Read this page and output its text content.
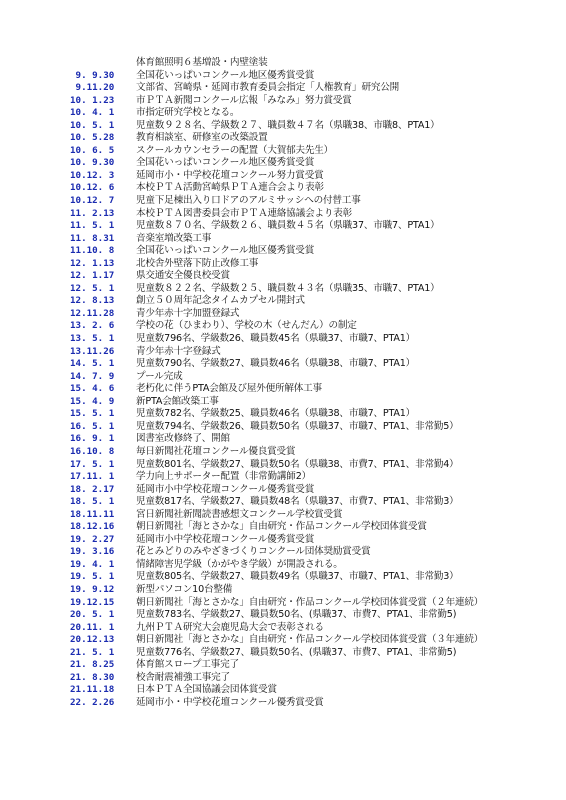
体育館照明６基増設・内壁塗装
9. 9.30	全国花いっぱいコンクール地区優秀賞受賞
9.11.20	文部省、宮崎県・延岡市教育委員会指定「人権教育」研究公開
10. 1.23	市ＰＴＡ新聞コンクール広報「みなみ」努力賞受賞
10. 4. 1	市指定研究学校となる。
10. 5. 1	児童数９２８名、学級数２７、職員数４７名（県職38、市職8、PTA1）
10. 5.28	教育相談室、研修室の改築設置
10. 6. 5	スクールカウンセラーの配置（大賀郁夫先生）
10. 9.30	全国花いっぱいコンクール地区優秀賞受賞
10.12. 3	延岡市小・中学校花壇コンクール努力賞受賞
10.12. 6	本校ＰＴＡ活動宮崎県ＰＴＡ連合会より表彰
10.12. 7	児童下足棟出入り口ドアのアルミサッシへの付替工事
11. 2.13	本校ＰＴＡ図書委員会市ＰＴＡ連絡協議会より表彰
11. 5. 1	児童数８７０名、学級数２６、職員数４５名（県職37、市職7、PTA1）
11. 8.31	音楽室増改築工事
11.10. 8	全国花いっぱいコンクール地区優秀賞受賞
12. 1.13	北校舎外壁落下防止改修工事
12. 1.17	県交通安全優良校受賞
12. 5. 1	児童数８２２名、学級数２５、職員数４３名（県職35、市職7、PTA1）
12. 8.13	創立５０周年記念タイムカプセル開封式
12.11.28	青少年赤十字加盟登録式
13. 2. 6	学校の花（ひまわり）、学校の木（せんだん）の制定
13. 5. 1	児童数796名、学級数26、職員数45名（県職37、市職7、PTA1）
13.11.26	青少年赤十字登録式
14. 5. 1	児童数790名、学級数27、職員数46名（県職38、市職7、PTA1）
14. 7. 9	プール完成
15. 4. 6	老朽化に伴うPTA会館及び屋外便所解体工事
15. 4. 9	新PTA会館改築工事
15. 5. 1	児童数782名、学級数25、職員数46名（県職38、市職7、PTA1）
16. 5. 1	児童数794名、学級数26、職員数50名（県職37、市職7、PTA1、非常勤5）
16. 9. 1	図書室改修終了、開館
16.10. 8	毎日新聞社花壇コンクール優良賞受賞
17. 5. 1	児童数801名、学級数27、職員数50名（県職38、市費7、PTA1、非常勤4）
17.11. 1	学力向上サポーター配置（非常勤講師2）
18. 2.17	延岡市小中学校花壇コンクール優秀賞受賞
18. 5. 1	児童数817名、学級数27、職員数48名（県職37、市費7、PTA1、非常勤3）
18.11.11	宮日新聞社新聞読書感想文コンクール学校賞受賞
18.12.16	朝日新聞社「海とさかな」自由研究・作品コンクール学校団体賞受賞
19. 2.27	延岡市小中学校花壇コンクール優秀賞受賞
19. 3.16	花とみどりのみやざきづくりコンクール団体奨励賞受賞
19. 4. 1	情緒障害児学級（かがやき学級）が開設される。
19. 5. 1	児童数805名、学級数27、職員数49名（県職37、市職7、PTA1、非常勤3）
19. 9.12	新型パソコン10台整備
19.12.15	朝日新聞社「海とさかな」自由研究・作品コンクール学校団体賞受賞（２年連続）
20. 5. 1	児童数783名、学級数27、職員数50名、(県職37、市費7、PTA1、非常勤5)
20.11. 1	九州ＰＴＡ研究大会鹿児島大会で表彰される
20.12.13	朝日新聞社「海とさかな」自由研究・作品コンクール学校団体賞受賞（３年連続）
21. 5. 1	児童数776名、学級数27、職員数50名、(県職37、市費7、PTA1、非常勤5)
21. 8.25	体育館スロープ工事完了
21. 8.30	校舎耐震補強工事完了
21.11.18	日本ＰＴＡ全国協議会団体賞受賞
22. 2.26	延岡市小・中学校花壇コンクール優秀賞受賞
